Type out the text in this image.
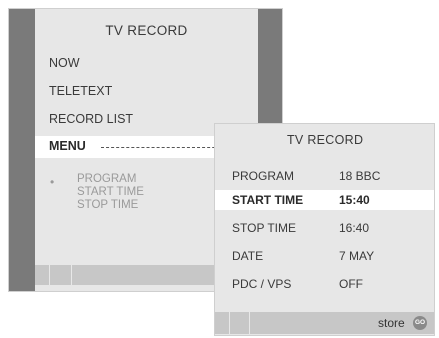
TV RECORD
NOW
TELETEXT
RECORD LIST
MENU
• PROGRAM
START TIME
STOP TIME
TV RECORD
PROGRAM	18 BBC
START TIME	15:40
STOP TIME	16:40
DATE	7 MAY
PDC / VPS	OFF
store GO
